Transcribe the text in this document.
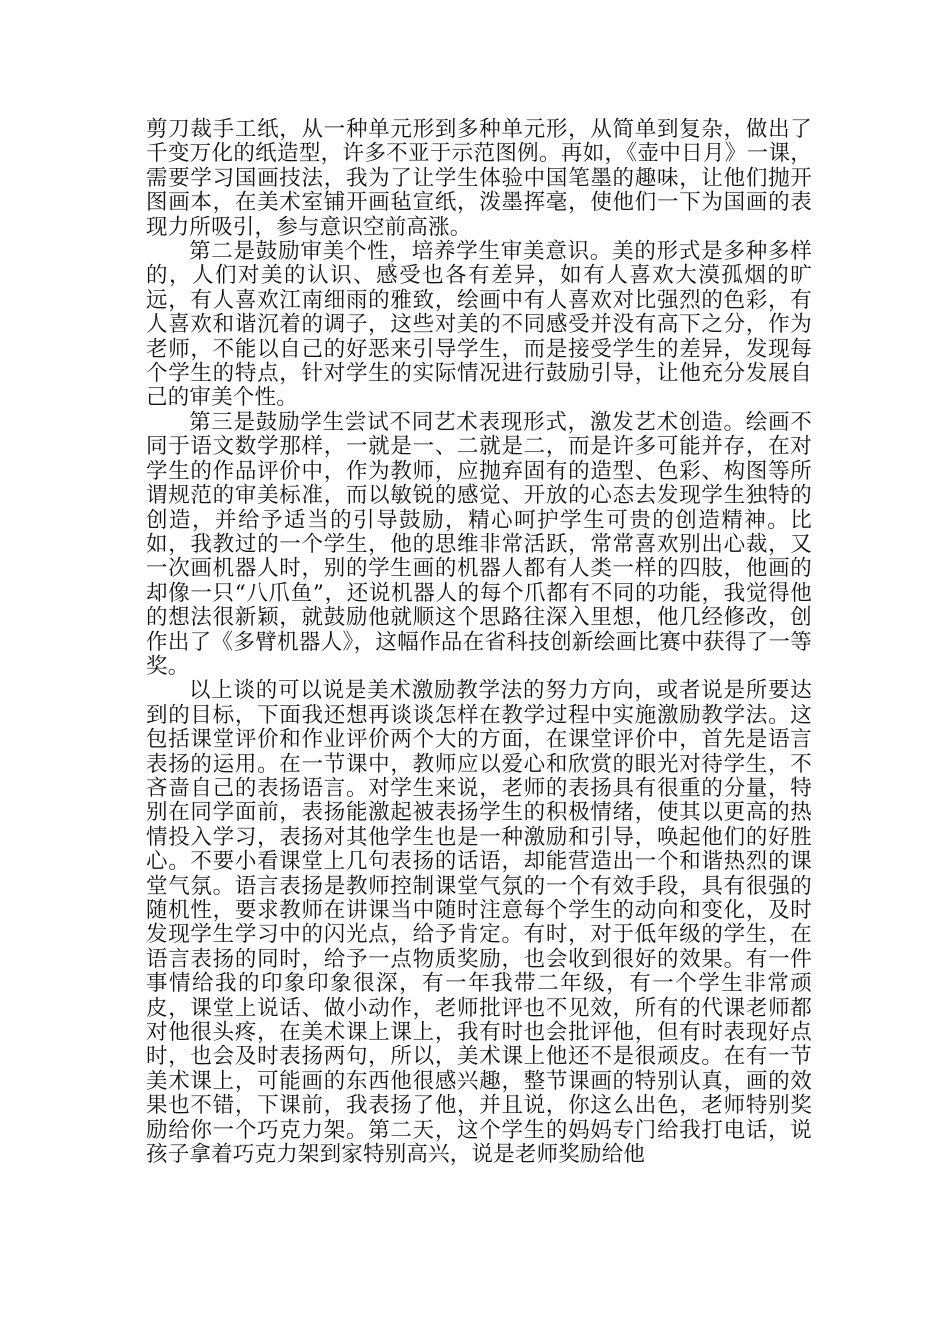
剪刀裁手工纸，从一种单元形到多种单元形，从简单到复杂，做出了千变万化的纸造型，许多不亚于示范图例。再如，《壶中日月》一课，需要学习国画技法，我为了让学生体验中国笔墨的趣味，让他们抛开图画本，在美术室铺开画毡宣纸，泼墨挥毫，使他们一下为国画的表现力所吸引，参与意识空前高涨。

第二是鼓励审美个性，培养学生审美意识。美的形式是多种多样的，人们对美的认识、感受也各有差异，如有人喜欢大漠孤烟的旷远，有人喜欢江南细雨的雅致，绘画中有人喜欢对比强烈的色彩，有人喜欢和谐沉着的调子，这些对美的不同感受并没有高下之分，作为老师，不能以自己的好恶来引导学生，而是接受学生的差异，发现每个学生的特点，针对学生的实际情况进行鼓励引导，让他充分发展自己的审美个性。

第三是鼓励学生尝试不同艺术表现形式，激发艺术创造。绘画不同于语文数学那样，一就是一、二就是二，而是许多可能并存，在对学生的作品评价中，作为教师，应抛弃固有的造型、色彩、构图等所谓规范的审美标准，而以敏锐的感觉、开放的心态去发现学生独特的创造，并给予适当的引导鼓励，精心呵护学生可贵的创造精神。比如，我教过的一个学生，他的思维非常活跃，常常喜欢别出心裁，又一次画机器人时，别的学生画的机器人都有人类一样的四肢，他画的却像一只“八爪鱼”，还说机器人的每个爪都有不同的功能，我觉得他的想法很新颖，就鼓励他就顺这个思路往深入里想，他几经修改，创作出了《多臂机器人》，这幅作品在省科技创新绘画比赛中获得了一等奖。

以上谈的可以说是美术激励教学法的努力方向，或者说是所要达到的目标，下面我还想再谈谈怎样在教学过程中实施激励教学法。这包括课堂评价和作业评价两个大的方面，在课堂评价中，首先是语言表扬的运用。在一节课中，教师应以爱心和欣赏的眼光对待学生，不吝啬自己的表扬语言。对学生来说，老师的表扬具有很重的分量，特别在同学面前，表扬能激起被表扬学生的积极情绪，使其以更高的热情投入学习，表扬对其他学生也是一种激励和引导，唤起他们的好胜心。不要小看课堂上几句表扬的话语，却能营造出一个和谐热烈的课堂气氛。语言表扬是教师控制课堂气氛的一个有效手段，具有很强的随机性，要求教师在讲课当中随时注意每个学生的动向和变化，及时发现学生学习中的闪光点，给予肯定。有时，对于低年级的学生，在语言表扬的同时，给予一点物质奖励，也会收到很好的效果。有一件事情给我的印象印象很深，有一年我带二年级，有一个学生非常顽皮，课堂上说话、做小动作，老师批评也不见效，所有的代课老师都对他很头疼，在美术课上课上，我有时也会批评他，但有时表现好点时，也会及时表扬两句，所以，美术课上他还不是很顽皮。在有一节美术课上，可能画的东西他很感兴趣，整节课画的特别认真，画的效果也不错，下课前，我表扬了他，并且说，你这么出色，老师特别奖励给你一个巧克力架。第二天，这个学生的妈妈专门给我打电话，说孩子拿着巧克力架到家特别高兴，说是老师奖励给他
